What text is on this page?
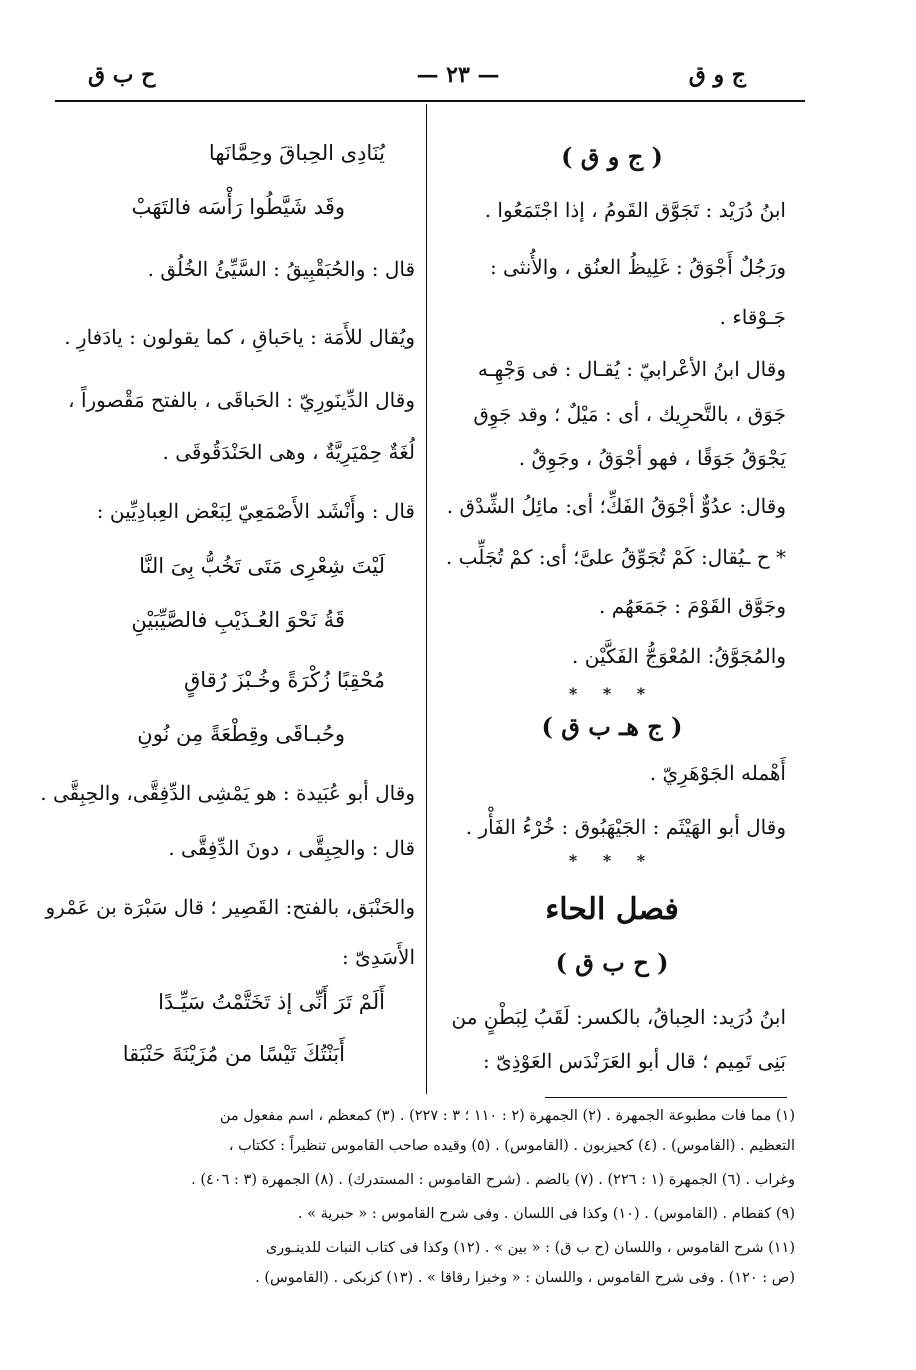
ج و ق
— ٢٣ —
ح ب ق
( ج و ق )
ابنُ دُرَيْد : تَجَوَّق القَومُ ، إذا اجْتَمَعُوا .
ورَجُلٌ أَجْوَقُ : غَلِيظُ العنُق ، والأُنثى :
جَـوْقاء .
وقال ابنُ الأعْرابيّ : يُقـال : فى وَجْهِـه
جَوَق ، بالتَّحرِيك ، أى : مَيْلٌ ؛ وقد جَوِق
يَجْوَقُ جَوَقًا ، فهو أجْوَقُ ، وجَوِقٌ .
وقال: عدُوٌّ أجْوَقُ الفَكِّ؛ أى: مائِلُ الشِّدْق .
* ح ـيُقال: كَمْ تُجَوِّقُ علىَّ؛ أى: كمْ تُجَلِّب .
وجَوَّق القَوْمَ : جَمَعَهُم .
والمُجَوَّقُ: المُعْوَجُّ الفَكَّيْن .
* * *
( ج هـ ب ق )
أَهْمله الجَوْهَرِيّ .
وقال أبو الهَيْثَم : الجَيْهَبُوق : خُرْءُ الفَأْر .
* * *
فصل الحاء
( ح ب ق )
ابنُ دُرَيد: الحِباقُ، بالكسر: لَقَبُ لِبَطْنٍ من
بَنِى تَمِيم ؛ قال أبو العَرَنْدَس العَوْذِىّ :
يُنَادِى الحِباقَ وحِمَّانَها
وقَد شَيَّطُوا رَأْسَه فالتَهَبْ
قال : والحُبَقْبِيقُ : السَّيِّئُ الخُلُق .
ويُقال للأَمَة : ياحَباقِ ، كما يقولون : يادَفارِ .
وقال الدِّينَورِيّ : الحَباقَى ، بالفتح مَقْصوراً ،
لُغَةٌ حِمْيَرِيَّةٌ ، وهى الحَنْدَقُوقَى .
قال : وأَنْشَد الأَصْمَعِيّ لِبَعْض العِبادِيِّين :
لَيْتَ شِعْرِى مَتَى تَخُبُّ بِىَ النَّا
قَةُ نَحْوَ العُـذَيْبِ فالصَّيِّبَيْنِ
مُحْقِبًا زُكْرَةً وخُـبْزَ رُقاقٍ
وحُبـاقَى وقِطْعَةً مِن نُونِ
وقال أبو عُبَيدة : هو يَمْشِى الدِّفِقَّى، والحِبِقَّى .
قال : والحِبِقَّى ، دونَ الدِّفِقَّى .
والحَنْبَق، بالفتح: القَصِير ؛ قال سَبْرَة بن عَمْرو
الأَسَدِىّ :
أَلَمْ تَرَ أَنِّى إذ تَخَتَّمْتُ سَيِّـدًا
أَبَنْتُكَ تَيْسًا من مُزَيْنَةَ حَنْبَقا
(١) مما فات مطبوعة الجمهرة . (٢) الجمهرة (٢ : ١١٠ ؛ ٣ : ٢٢٧) . (٣) كمعظم ، اسم مفعول من
التعظيم . (القاموس) . (٤) كحيزبون . (القاموس) . (٥) وقيده صاحب القاموس تنظيراً : ككتاب ،
وغراب . (٦) الجمهرة (١ : ٢٢٦) . (٧) بالضم . (شرح القاموس : المستدرك) . (٨) الجمهرة (٣ : ٤٠٦) .
(٩) كقطام . (القاموس) . (١٠) وكذا فى اللسان . وفى شرح القاموس : « حبرية » .
(١١) شرح القاموس ، واللسان (ح ب ق) : « بين » . (١٢) وكذا فى كتاب النبات للدينـورى
(ص : ١٢٠) . وفى شرح القاموس ، واللسان : « وخبزا رقاقا » . (١٣) كزبكى . (القاموس) .
